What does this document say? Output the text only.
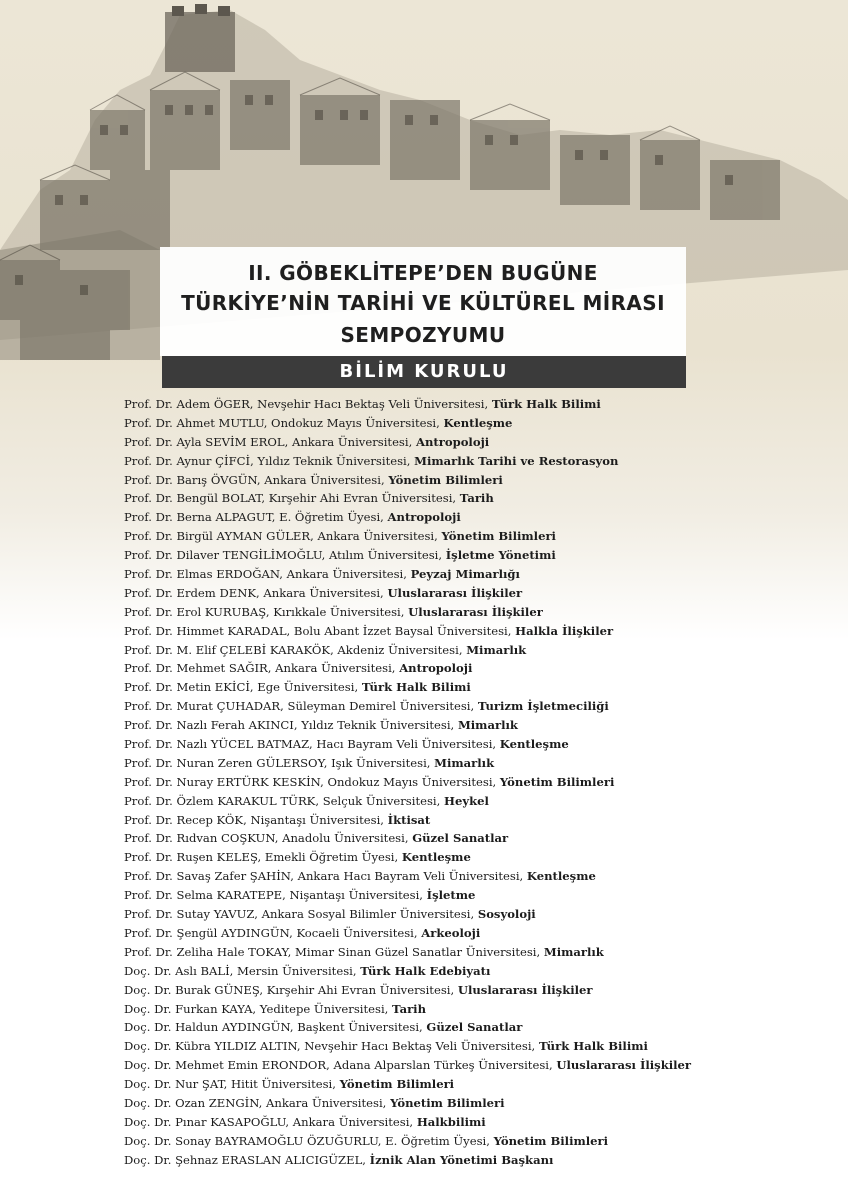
II. GÖBEKLİTEPE’DEN BUGÜNE
TÜRKİYE’NİN TARİHİ VE KÜLTÜREL MİRASI
SEMPOZYUMU
BİLİM KURULU
Prof. Dr. Adem ÖGER, Nevşehir Hacı Bektaş Veli Üniversitesi, Türk Halk Bilimi
Prof. Dr. Ahmet MUTLU, Ondokuz Mayıs Üniversitesi, Kentleşme
Prof. Dr. Ayla SEVİM EROL, Ankara Üniversitesi, Antropoloji
Prof. Dr. Aynur ÇİFCİ, Yıldız Teknik Üniversitesi, Mimarlık Tarihi ve Restorasyon
Prof. Dr. Barış ÖVGÜN, Ankara Üniversitesi, Yönetim Bilimleri
Prof. Dr. Bengül BOLAT, Kırşehir Ahi Evran Üniversitesi, Tarih
Prof. Dr. Berna ALPAGUT, E. Öğretim Üyesi, Antropoloji
Prof. Dr. Birgül AYMAN GÜLER, Ankara Üniversitesi, Yönetim Bilimleri
Prof. Dr. Dilaver TENGİLİMOĞLU, Atılım Üniversitesi, İşletme Yönetimi
Prof. Dr. Elmas ERDOĞAN, Ankara Üniversitesi, Peyzaj Mimarlığı
Prof. Dr. Erdem DENK, Ankara Üniversitesi, Uluslararası İlişkiler
Prof. Dr. Erol KURUBAŞ, Kırıkkale Üniversitesi, Uluslararası İlişkiler
Prof. Dr. Himmet KARADAL, Bolu Abant İzzet Baysal Üniversitesi, Halkla İlişkiler
Prof. Dr. M. Elif ÇELEBİ KARAKÖK, Akdeniz Üniversitesi, Mimarlık
Prof. Dr. Mehmet SAĞIR, Ankara Üniversitesi, Antropoloji
Prof. Dr. Metin EKİCİ, Ege Üniversitesi, Türk Halk Bilimi
Prof. Dr. Murat ÇUHADAR, Süleyman Demirel Üniversitesi, Turizm İşletmeciliği
Prof. Dr. Nazlı Ferah AKINCI, Yıldız Teknik Üniversitesi, Mimarlık
Prof. Dr. Nazlı YÜCEL BATMAZ, Hacı Bayram Veli Üniversitesi, Kentleşme
Prof. Dr. Nuran Zeren GÜLERSOY, Işık Üniversitesi, Mimarlık
Prof. Dr. Nuray ERTÜRK KESKİN, Ondokuz Mayıs Üniversitesi, Yönetim Bilimleri
Prof. Dr. Özlem KARAKUL TÜRK, Selçuk Üniversitesi, Heykel
Prof. Dr. Recep KÖK, Nişantaşı Üniversitesi, İktisat
Prof. Dr. Rıdvan COŞKUN, Anadolu Üniversitesi, Güzel Sanatlar
Prof. Dr. Ruşen KELEŞ, Emekli Öğretim Üyesi, Kentleşme
Prof. Dr. Savaş Zafer ŞAHİN, Ankara Hacı Bayram Veli Üniversitesi, Kentleşme
Prof. Dr. Selma KARATEPE, Nişantaşı Üniversitesi, İşletme
Prof. Dr. Sutay YAVUZ, Ankara Sosyal Bilimler Üniversitesi, Sosyoloji
Prof. Dr. Şengül AYDINGÜN, Kocaeli Üniversitesi, Arkeoloji
Prof. Dr. Zeliha Hale TOKAY, Mimar Sinan Güzel Sanatlar Üniversitesi, Mimarlık
Doç. Dr. Aslı BALİ, Mersin Üniversitesi, Türk Halk Edebiyatı
Doç. Dr. Burak GÜNEŞ, Kırşehir Ahi Evran Üniversitesi, Uluslararası İlişkiler
Doç. Dr. Furkan KAYA, Yeditepe Üniversitesi, Tarih
Doç. Dr. Haldun AYDINGÜN, Başkent Üniversitesi, Güzel Sanatlar
Doç. Dr. Kübra YILDIZ ALTIN, Nevşehir Hacı Bektaş Veli Üniversitesi, Türk Halk Bilimi
Doç. Dr. Mehmet Emin ERONDOR, Adana Alparslan Türkeş Üniversitesi, Uluslararası İlişkiler
Doç. Dr. Nur ŞAT, Hitit Üniversitesi, Yönetim Bilimleri
Doç. Dr. Ozan ZENGİN, Ankara Üniversitesi, Yönetim Bilimleri
Doç. Dr. Pınar KASAPOĞLU, Ankara Üniversitesi, Halkbilimi
Doç. Dr. Sonay BAYRAMOĞLU ÖZUĞURLU, E. Öğretim Üyesi, Yönetim Bilimleri
Doç. Dr. Şehnaz ERASLAN ALICIGÜZEL, İznik Alan Yönetimi Başkanı
